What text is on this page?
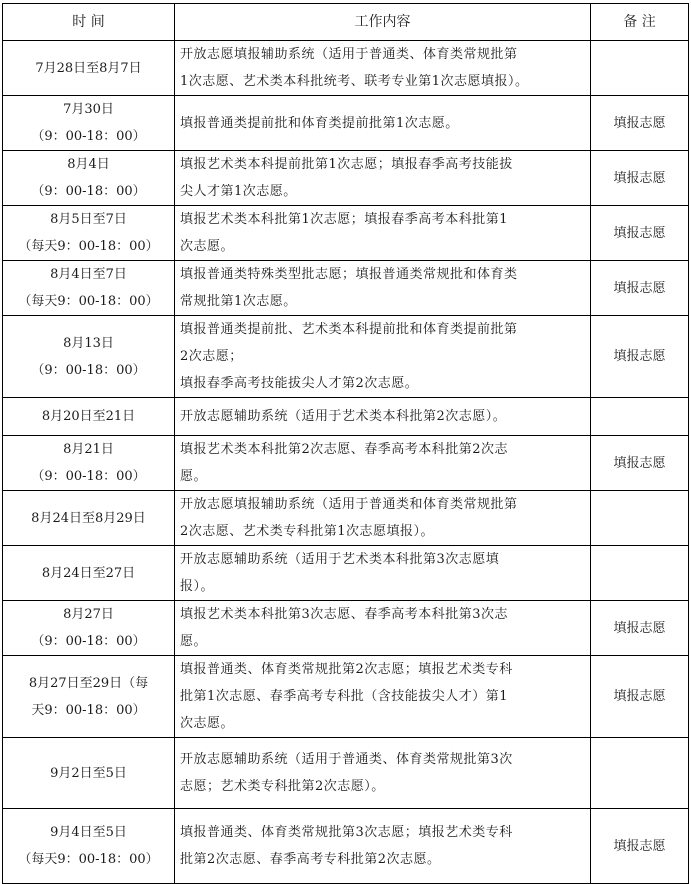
时 间	工作内容	备 注

7月28日至8月7日	开放志愿填报辅助系统（适用于普通类、体育类常规批第
1次志愿、艺术类本科批统考、联考专业第1次志愿填报）。	

7月30日
（9：00-18：00）	填报普通类提前批和体育类提前批第1次志愿。	填报志愿

8月4日
（9：00-18：00）	填报艺术类本科提前批第1次志愿；填报春季高考技能拔
尖人才第1次志愿。	填报志愿

8月5日至7日
（每天9：00-18：00）	填报艺术类本科批第1次志愿；填报春季高考本科批第1
次志愿。	填报志愿

8月4日至7日
（每天9：00-18：00）	填报普通类特殊类型批志愿；填报普通类常规批和体育类
常规批第1次志愿。	填报志愿

8月13日
（9：00-18：00）	填报普通类提前批、艺术类本科提前批和体育类提前批第
2次志愿；
填报春季高考技能拔尖人才第2次志愿。	填报志愿

8月20日至21日	开放志愿辅助系统（适用于艺术类本科批第2次志愿）。	

8月21日
（9：00-18：00）	填报艺术类本科批第2次志愿、春季高考本科批第2次志
愿。	填报志愿

8月24日至8月29日	开放志愿填报辅助系统（适用于普通类和体育类常规批第
2次志愿、艺术类专科批第1次志愿填报）。	

8月24日至27日	开放志愿辅助系统（适用于艺术类本科批第3次志愿填
报）。	

8月27日
（9：00-18：00）	填报艺术类本科批第3次志愿、春季高考本科批第3次志
愿。	填报志愿

8月27日至29日（每
天9：00-18：00）	填报普通类、体育类常规批第2次志愿；填报艺术类专科
批第1次志愿、春季高考专科批（含技能拔尖人才）第1
次志愿。	填报志愿

9月2日至5日	开放志愿辅助系统（适用于普通类、体育类常规批第3次
志愿；艺术类专科批第2次志愿）。	

9月4日至5日
（每天9：00-18：00）	填报普通类、体育类常规批第3次志愿；填报艺术类专科
批第2次志愿、春季高考专科批第2次志愿。	填报志愿
